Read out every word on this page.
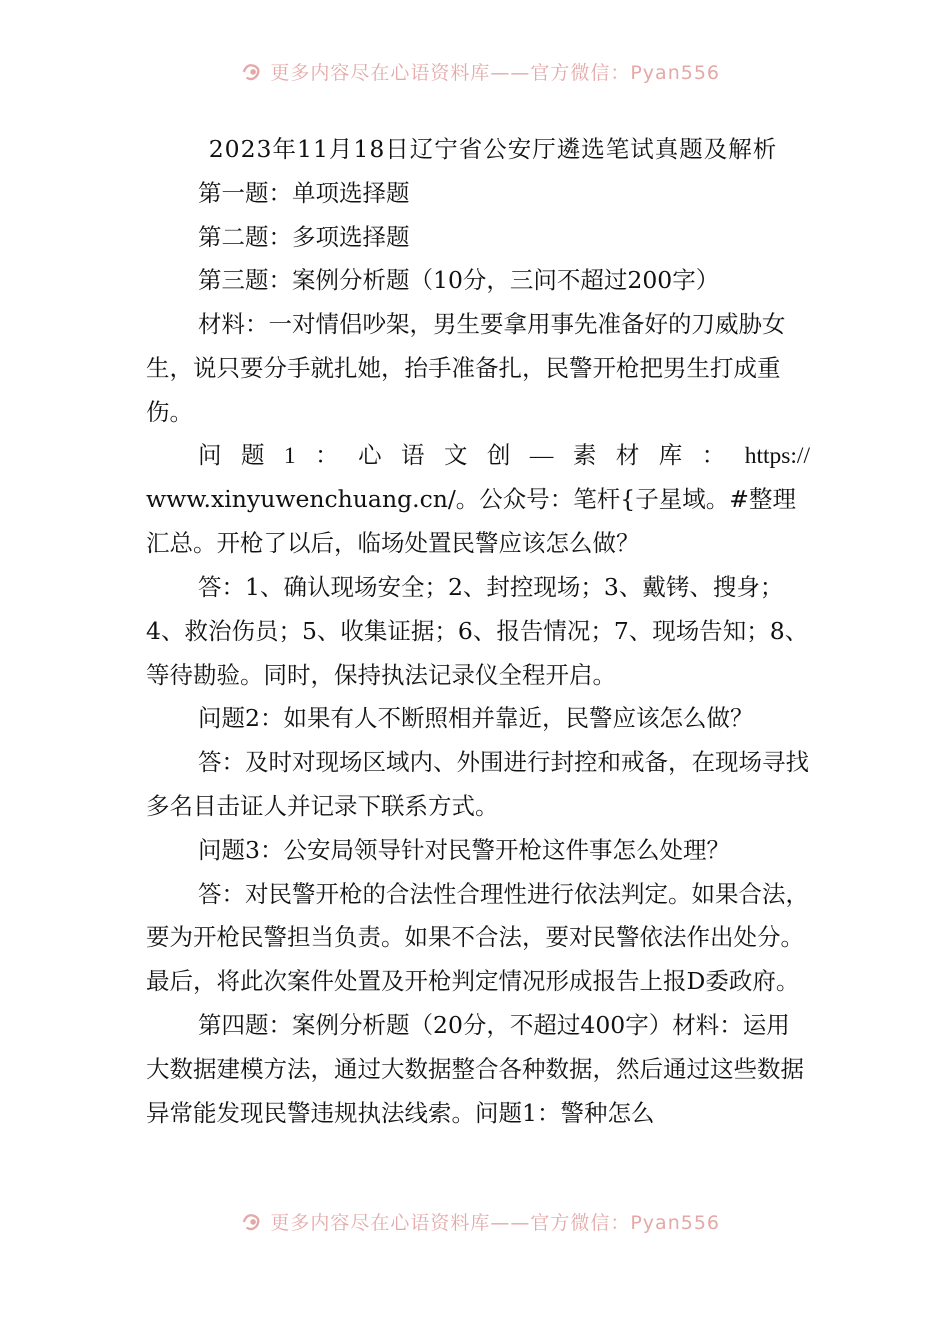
更多内容尽在心语资料库——官方微信：Pyan556

2023年11月18日辽宁省公安厅遴选笔试真题及解析

第一题：单项选择题

第二题：多项选择题

第三题：案例分析题（10分，三问不超过200字）

材料：一对情侣吵架，男生要拿用事先准备好的刀威胁女生，说只要分手就扎她，抬手准备扎，民警开枪把男生打成重伤。

问题1：心语文创—素材库：https://

www.xinyuwenchuang.cn/。公众号：笔杆{子星域。#整理汇总。开枪了以后，临场处置民警应该怎么做？

答：1、确认现场安全；2、封控现场；3、戴铐、搜身；4、救治伤员；5、收集证据；6、报告情况；7、现场告知；8、等待勘验。同时，保持执法记录仪全程开启。

问题2：如果有人不断照相并靠近，民警应该怎么做？

答：及时对现场区域内、外围进行封控和戒备，在现场寻找多名目击证人并记录下联系方式。

问题3：公安局领导针对民警开枪这件事怎么处理？

答：对民警开枪的合法性合理性进行依法判定。如果合法，要为开枪民警担当负责。如果不合法，要对民警依法作出处分。最后，将此次案件处置及开枪判定情况形成报告上报D委政府。

第四题：案例分析题（20分，不超过400字）材料：运用大数据建模方法，通过大数据整合各种数据，然后通过这些数据异常能发现民警违规执法线索。问题1：警种怎么

更多内容尽在心语资料库——官方微信：Pyan556
